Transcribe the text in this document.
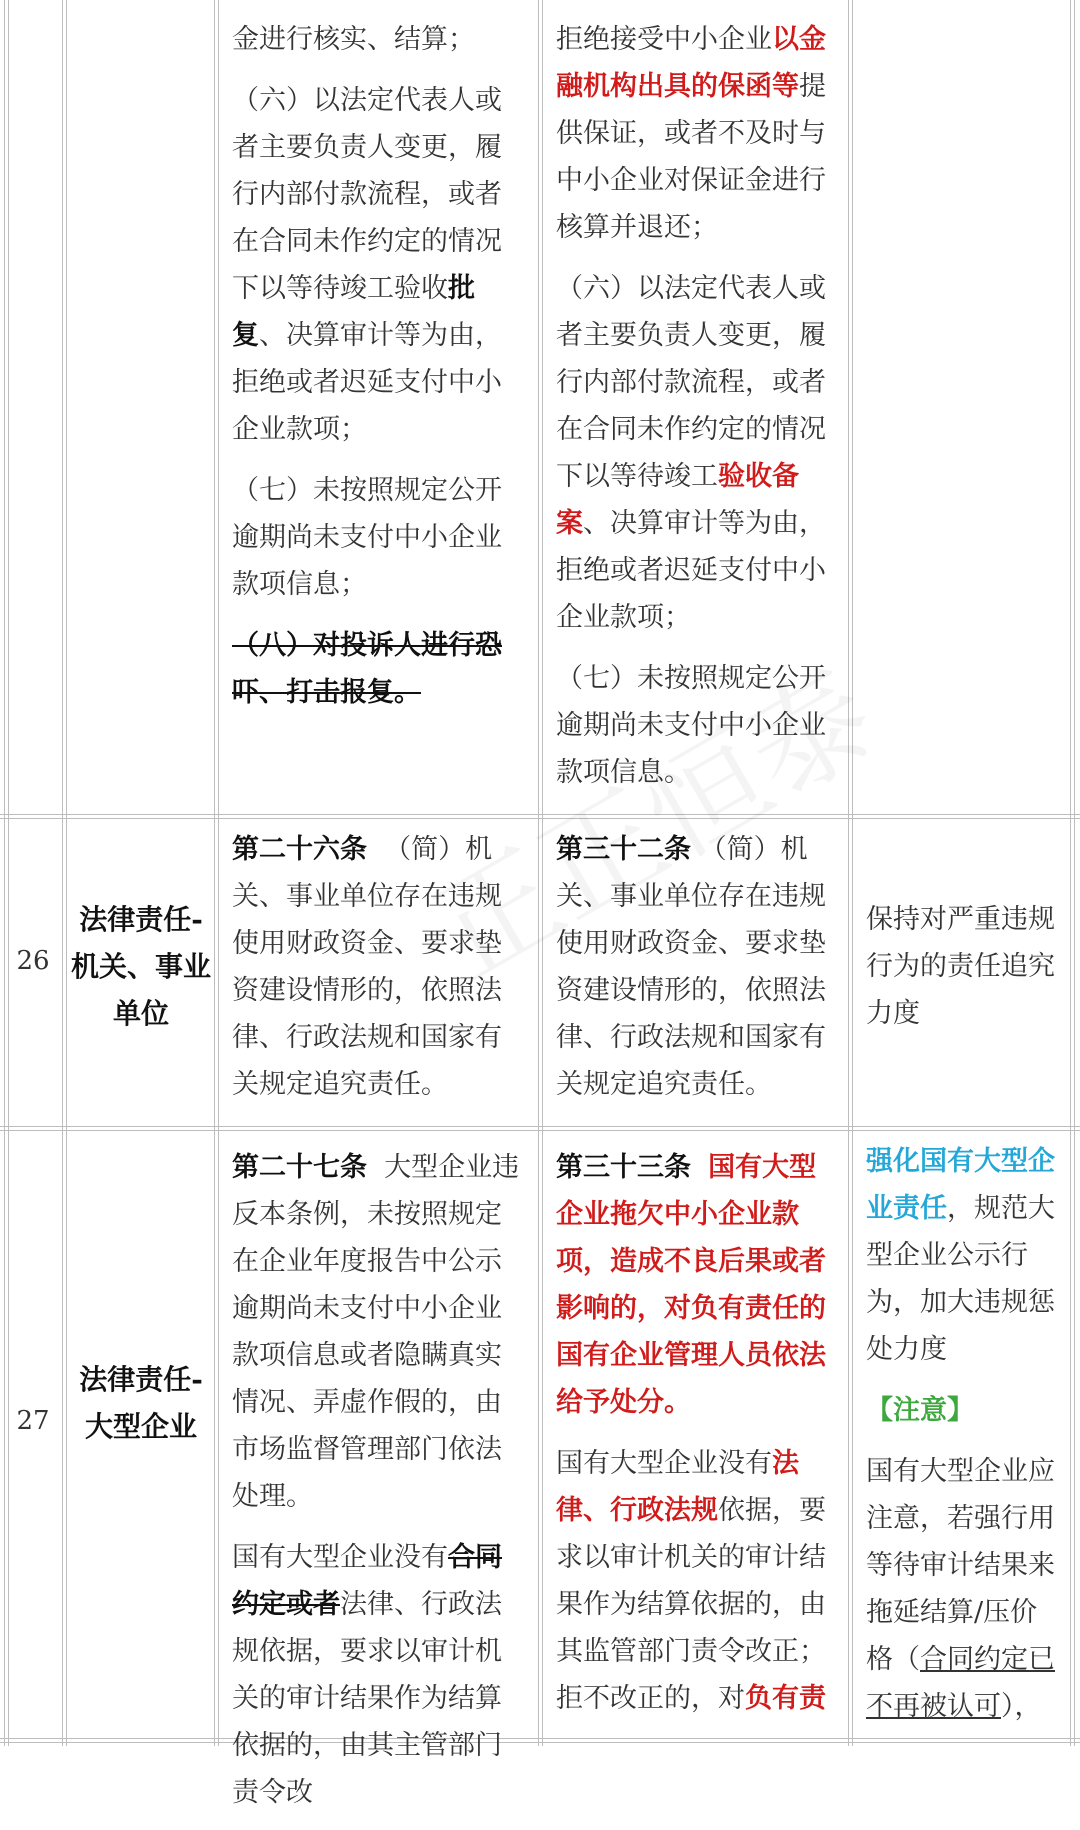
金进行核实、结算；

（六）以法定代表人或者主要负责人变更，履行内部付款流程，或者在合同未作约定的情况下以等待竣工验收批复、决算审计等为由，拒绝或者迟延支付中小企业款项；

（七）未按照规定公开逾期尚未支付中小企业款项信息；

（八）对投诉人进行恐吓、打击报复。

拒绝接受中小企业以金融机构出具的保函等提供保证，或者不及时与中小企业对保证金进行核算并退还；

（六）以法定代表人或者主要负责人变更，履行内部付款流程，或者在合同未作约定的情况下以等待竣工验收备案、决算审计等为由，拒绝或者迟延支付中小企业款项；

（七）未按照规定公开逾期尚未支付中小企业款项信息。

26
法律责任-机关、事业单位

第二十六条 （简）机关、事业单位存在违规使用财政资金、要求垫资建设情形的，依照法律、行政法规和国家有关规定追究责任。

第三十二条 （简）机关、事业单位存在违规使用财政资金、要求垫资建设情形的，依照法律、行政法规和国家有关规定追究责任。

保持对严重违规行为的责任追究力度

27
法律责任-大型企业

第二十七条 大型企业违反本条例，未按照规定在企业年度报告中公示逾期尚未支付中小企业款项信息或者隐瞒真实情况、弄虚作假的，由市场监督管理部门依法处理。

国有大型企业没有合同约定或者法律、行政法规依据，要求以审计机关的审计结果作为结算依据的，由其主管部门责令改

第三十三条 国有大型企业拖欠中小企业款项，造成不良后果或者影响的，对负有责任的国有企业管理人员依法给予处分。

国有大型企业没有法律、行政法规依据，要求以审计机关的审计结果作为结算依据的，由其监管部门责令改正；拒不改正的，对负有责

强化国有大型企业责任，规范大型企业公示行为，加大违规惩处力度

【注意】

国有大型企业应注意，若强行用等待审计结果来拖延结算/压价格（合同约定已不再被认可），
